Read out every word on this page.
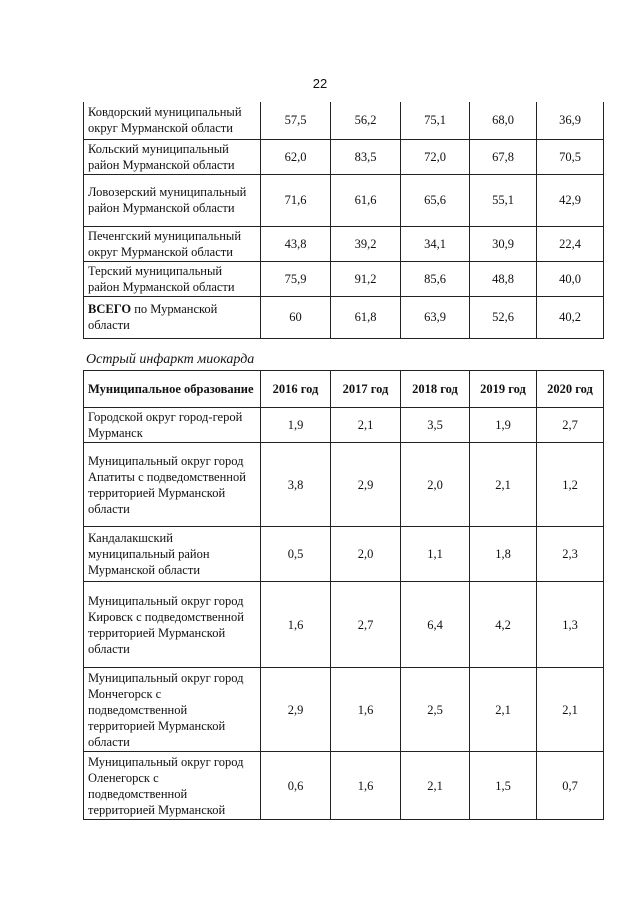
22
Ковдорский муниципальный округ Мурманской области	57,5	56,2	75,1	68,0	36,9
Кольский муниципальный район Мурманской области	62,0	83,5	72,0	67,8	70,5
Ловозерский муниципальный район Мурманской области	71,6	61,6	65,6	55,1	42,9
Печенгский муниципальный округ Мурманской области	43,8	39,2	34,1	30,9	22,4
Терский муниципальный район Мурманской области	75,9	91,2	85,6	48,8	40,0
ВСЕГО по Мурманской области	60	61,8	63,9	52,6	40,2
Острый инфаркт миокарда
Муниципальное образование	2016 год	2017 год	2018 год	2019 год	2020 год
Городской округ город-герой Мурманск	1,9	2,1	3,5	1,9	2,7
Муниципальный округ город Апатиты с подведомственной территорией Мурманской области	3,8	2,9	2,0	2,1	1,2
Кандалакшский муниципальный район Мурманской области	0,5	2,0	1,1	1,8	2,3
Муниципальный округ город Кировск с подведомственной территорией Мурманской области	1,6	2,7	6,4	4,2	1,3
Муниципальный округ город Мончегорск с подведомственной территорией Мурманской области	2,9	1,6	2,5	2,1	2,1
Муниципальный округ город Оленегорск с подведомственной территорией Мурманской	0,6	1,6	2,1	1,5	0,7
